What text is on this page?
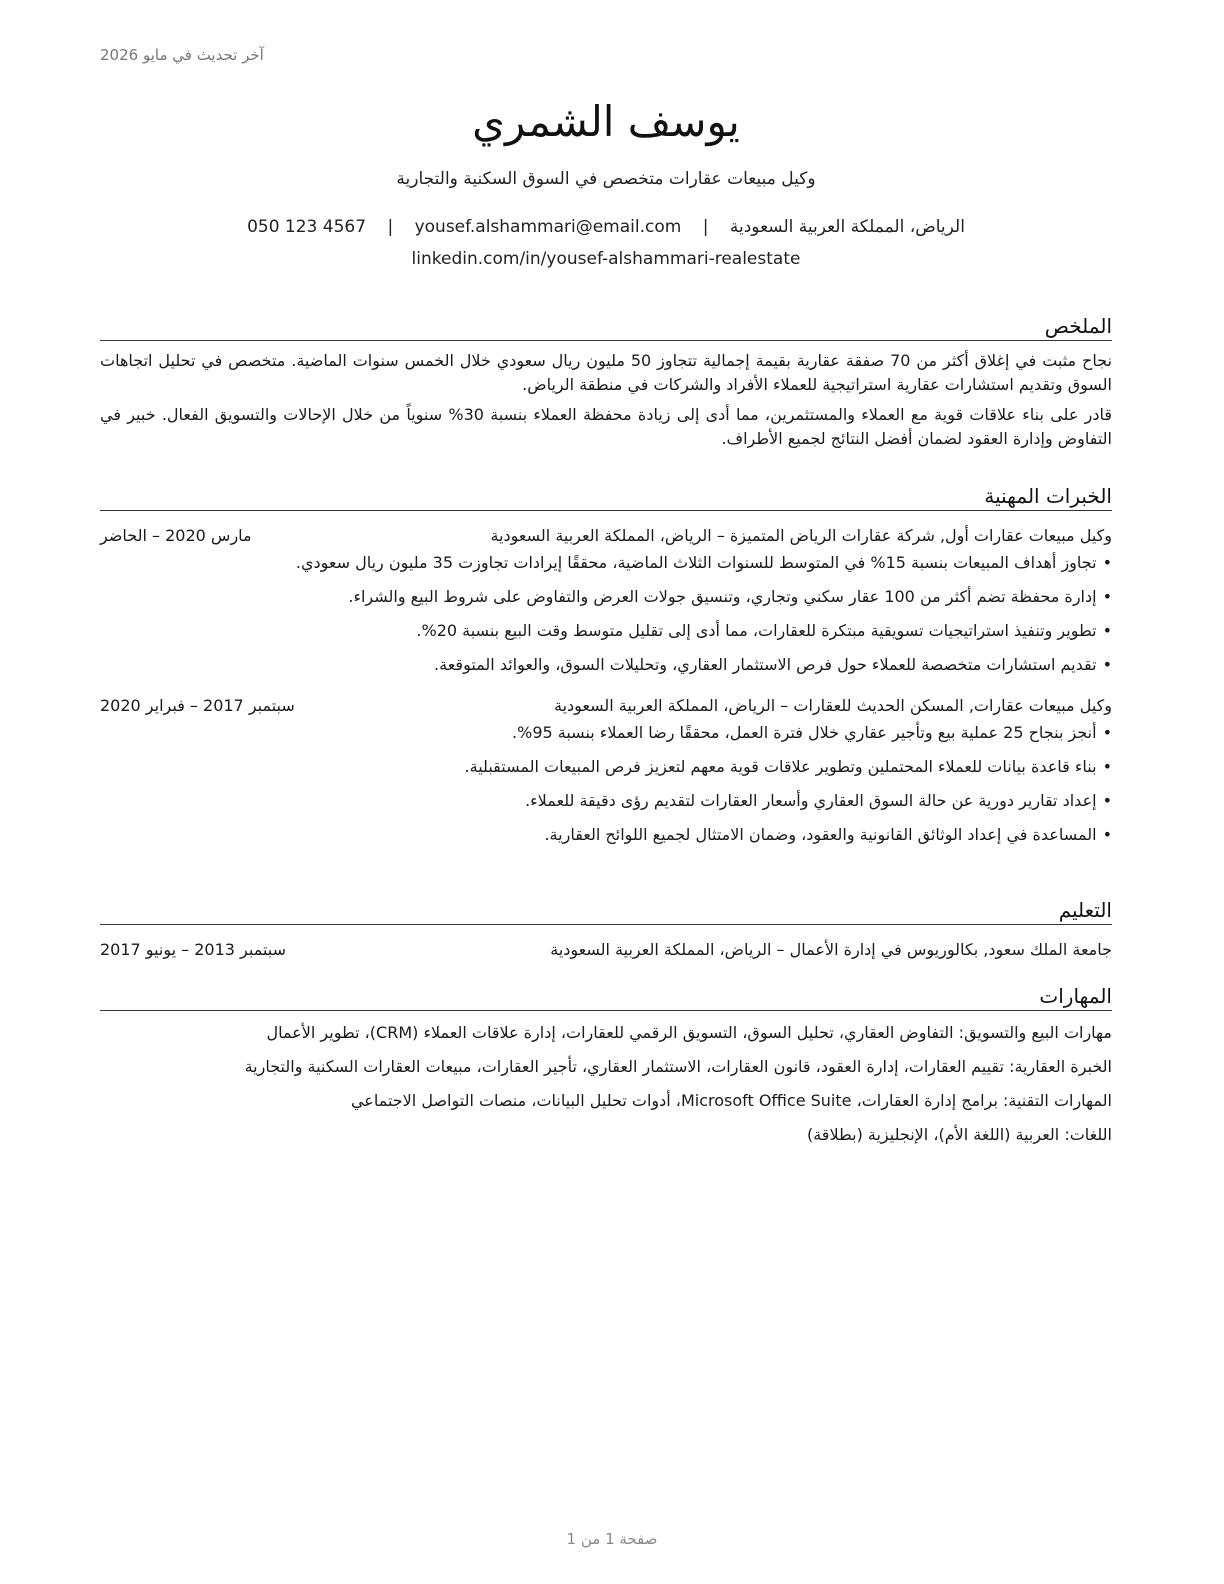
آخر تحديث في مايو 2026
يوسف الشمري
وكيل مبيعات عقارات متخصص في السوق السكنية والتجارية
الرياض، المملكة العربية السعودية | yousef.alshammari@email.com | 050 123 4567
linkedin.com/in/yousef-alshammari-realestate
الملخص

نجاح مثبت في إغلاق أكثر من 70 صفقة عقارية بقيمة إجمالية تتجاوز 50 مليون ريال سعودي خلال الخمس سنوات الماضية. متخصص في تحليل اتجاهات السوق وتقديم استشارات عقارية استراتيجية للعملاء الأفراد والشركات في منطقة الرياض.

قادر على بناء علاقات قوية مع العملاء والمستثمرين، مما أدى إلى زيادة محفظة العملاء بنسبة 30% سنوياً من خلال الإحالات والتسويق الفعال. خبير في التفاوض وإدارة العقود لضمان أفضل النتائج لجميع الأطراف.

الخبرات المهنية
وكيل مبيعات عقارات أول, شركة عقارات الرياض المتميزة – الرياض، المملكة العربية السعودية
مارس 2020 – الحاضر
•تجاوز أهداف المبيعات بنسبة 15% في المتوسط للسنوات الثلاث الماضية، محققًا إيرادات تجاوزت 35 مليون ريال سعودي.
•إدارة محفظة تضم أكثر من 100 عقار سكني وتجاري، وتنسيق جولات العرض والتفاوض على شروط البيع والشراء.
•تطوير وتنفيذ استراتيجيات تسويقية مبتكرة للعقارات، مما أدى إلى تقليل متوسط وقت البيع بنسبة 20%.
•تقديم استشارات متخصصة للعملاء حول فرص الاستثمار العقاري، وتحليلات السوق، والعوائد المتوقعة.
وكيل مبيعات عقارات, المسكن الحديث للعقارات – الرياض، المملكة العربية السعودية
سبتمبر 2017 – فبراير 2020
•أنجز بنجاح 25 عملية بيع وتأجير عقاري خلال فترة العمل، محققًا رضا العملاء بنسبة 95%.
•بناء قاعدة بيانات للعملاء المحتملين وتطوير علاقات قوية معهم لتعزيز فرص المبيعات المستقبلية.
•إعداد تقارير دورية عن حالة السوق العقاري وأسعار العقارات لتقديم رؤى دقيقة للعملاء.
•المساعدة في إعداد الوثائق القانونية والعقود، وضمان الامتثال لجميع اللوائح العقارية.
التعليم
جامعة الملك سعود, بكالوريوس في إدارة الأعمال – الرياض، المملكة العربية السعودية
سبتمبر 2013 – يونيو 2017
المهارات
مهارات البيع والتسويق: التفاوض العقاري، تحليل السوق، التسويق الرقمي للعقارات، إدارة علاقات العملاء (CRM)، تطوير الأعمال
الخبرة العقارية: تقييم العقارات، إدارة العقود، قانون العقارات، الاستثمار العقاري، تأجير العقارات، مبيعات العقارات السكنية والتجارية
المهارات التقنية: برامج إدارة العقارات، Microsoft Office Suite، أدوات تحليل البيانات، منصات التواصل الاجتماعي
اللغات: العربية (اللغة الأم)، الإنجليزية (بطلاقة)
صفحة 1 من 1
